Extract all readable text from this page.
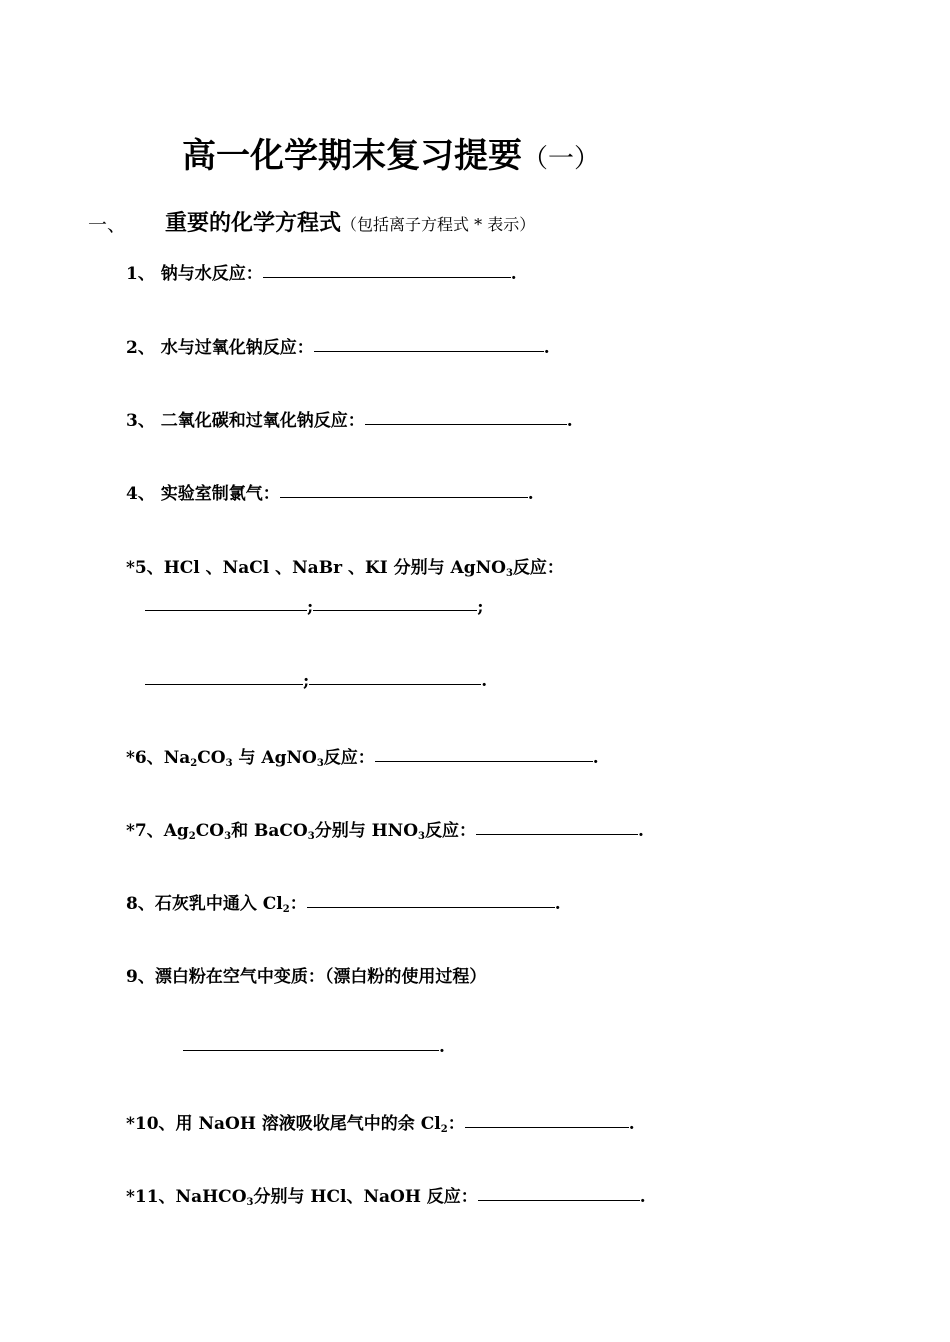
高一化学期末复习提要（一）
一、 重要的化学方程式（包括离子方程式 * 表示）
1、 钠与水反应：	.
2、 水与过氧化钠反应：	.
3、 二氧化碳和过氧化钠反应：	.
4、 实验室制氯气：	.
*5、HCl 、NaCl 、NaBr 、KI 分别与 AgNO$_3$反应：
;	;
;	.
*6、$Na_2CO_3$ 与 AgNO$_3$反应：	.
*7、$Ag_2CO_3$和 BaCO$_3$分别与 $HNO_3$反应：	.
8、石灰乳中通入 $Cl_2$：	.
9、漂白粉在空气中变质：（漂白粉的使用过程）
.
*10、用 NaOH 溶液吸收尾气中的余 $Cl_2$：	.
*11、NaHCO$_3$分别与 HCl、NaOH 反应：	.
